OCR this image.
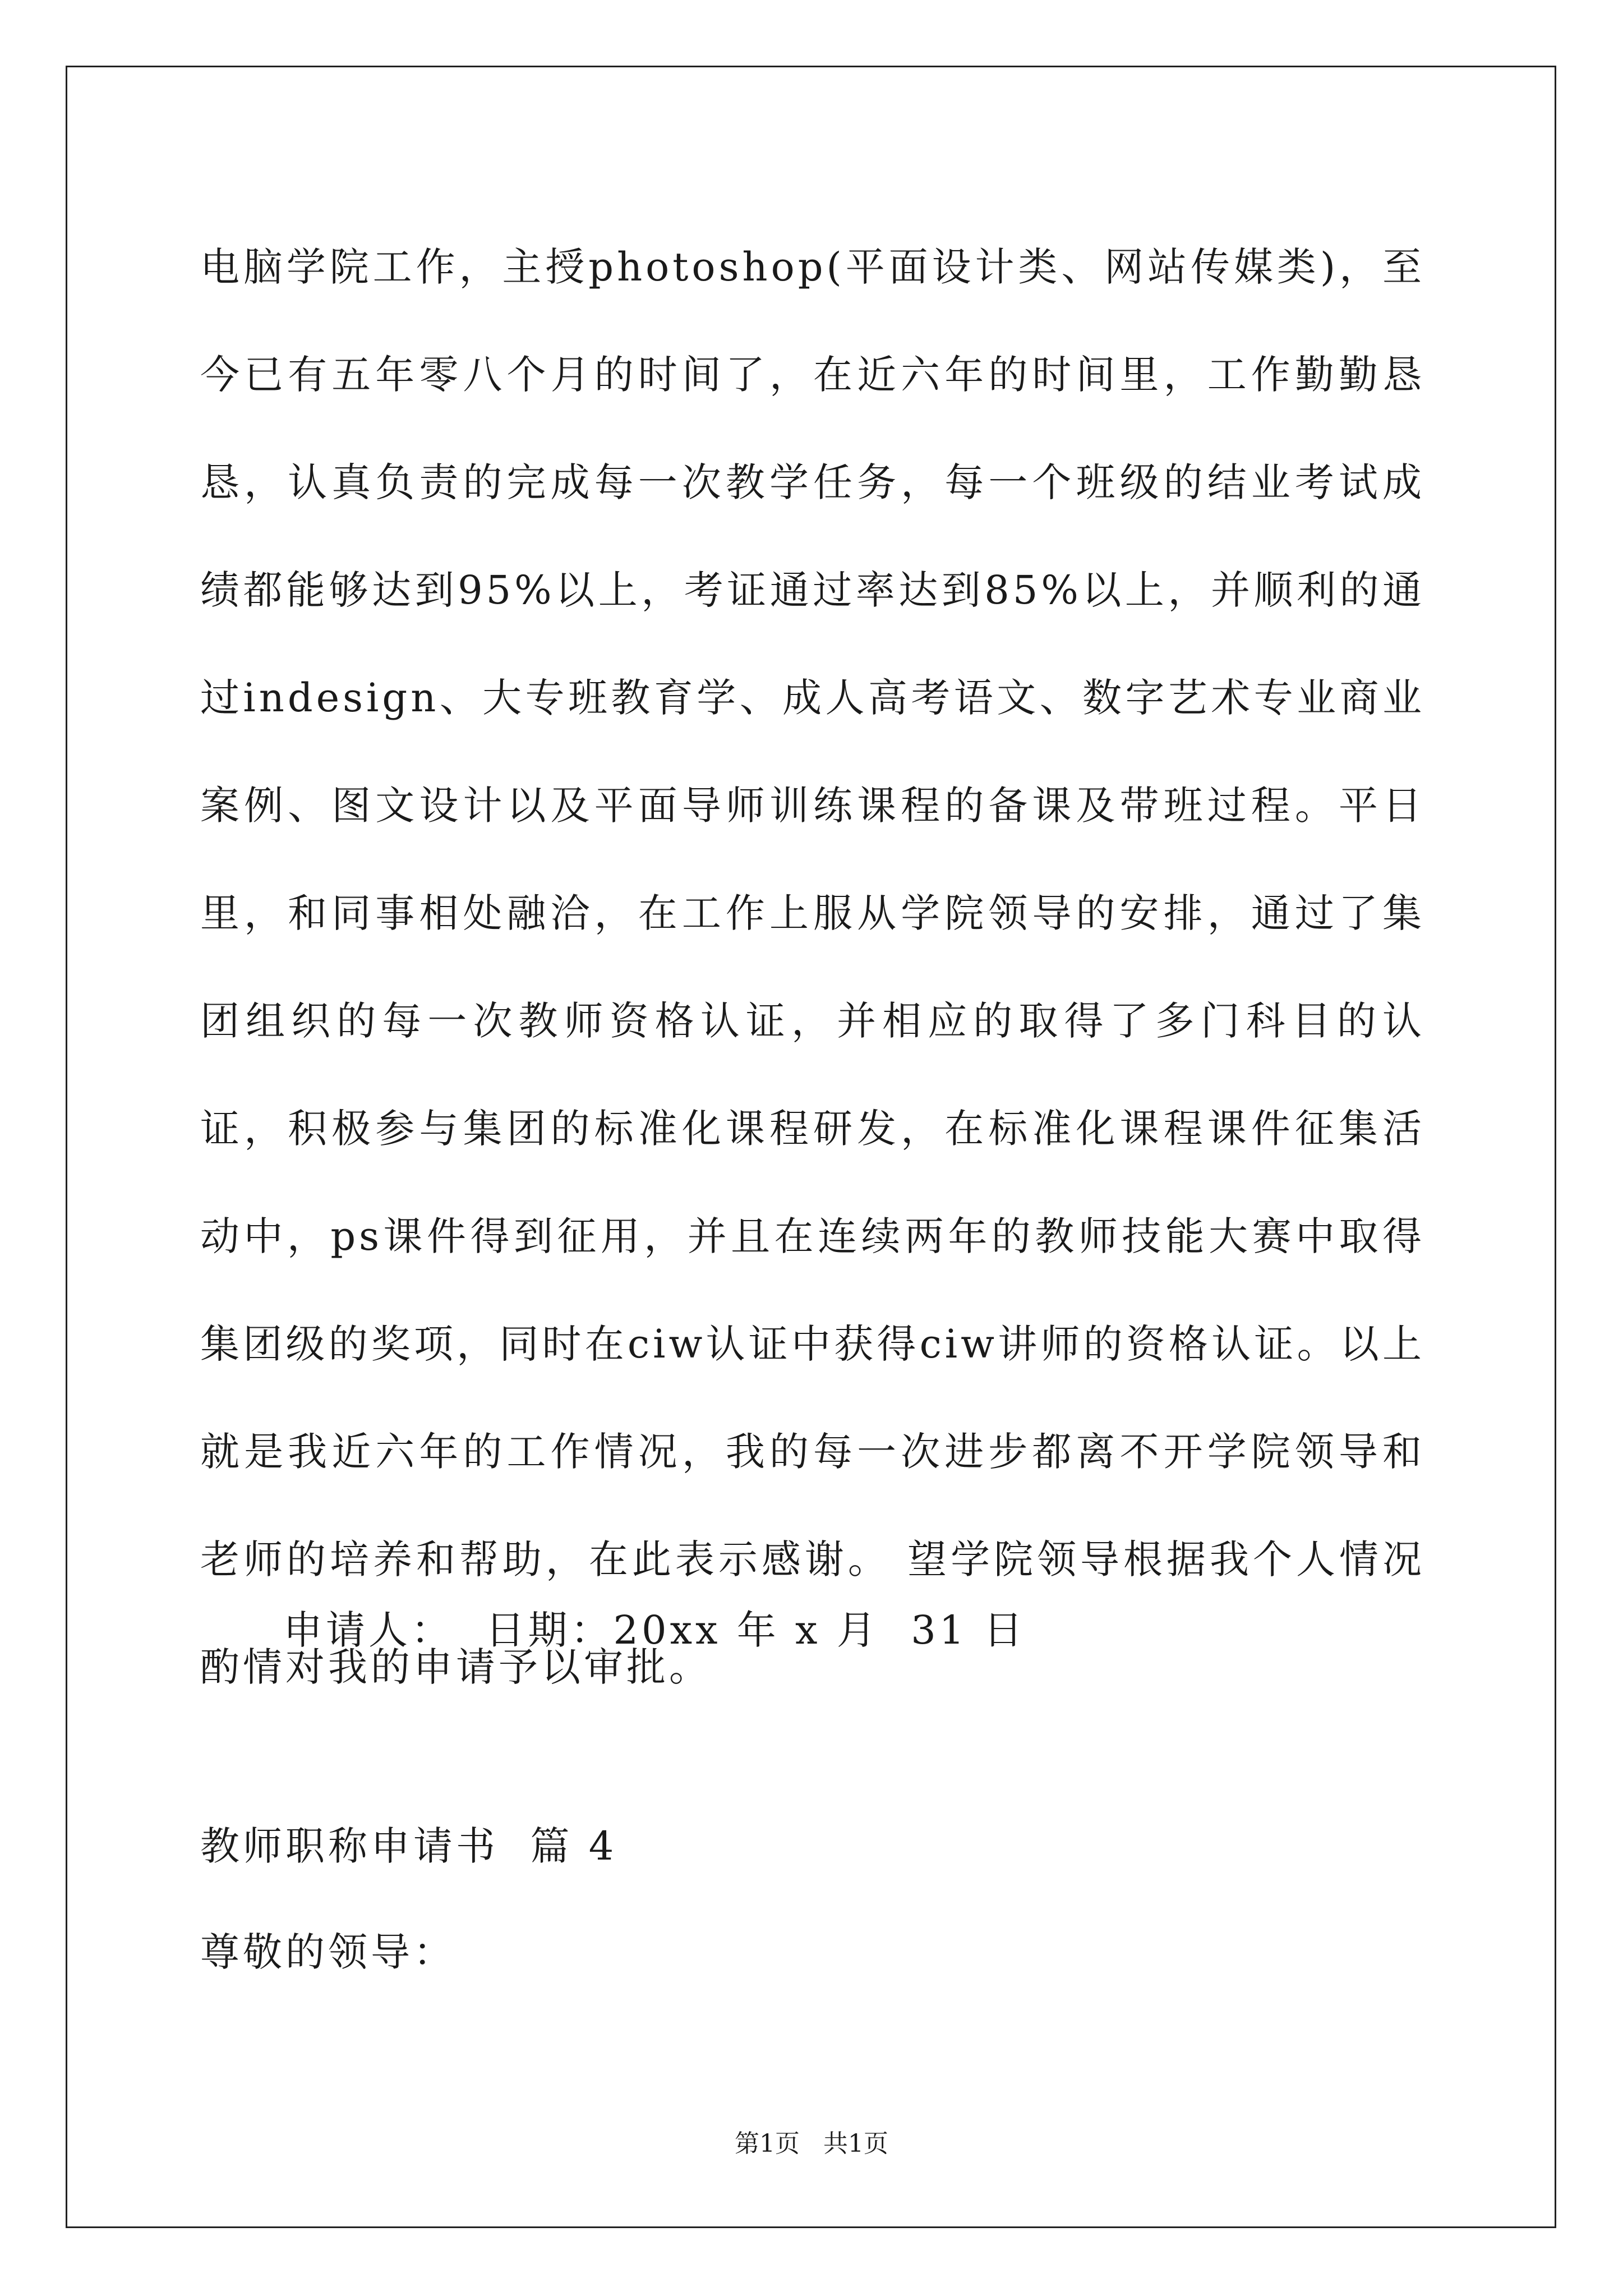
电脑学院工作，主授photoshop(平面设计类、网站传媒类)，至今已有五年零八个月的时间了，在近六年的时间里，工作勤勤恳恳，认真负责的完成每一次教学任务，每一个班级的结业考试成绩都能够达到95%以上，考证通过率达到85%以上，并顺利的通过indesign、大专班教育学、成人高考语文、数字艺术专业商业案例、图文设计以及平面导师训练课程的备课及带班过程。平日里，和同事相处融洽，在工作上服从学院领导的安排，通过了集团组织的每一次教师资格认证，并相应的取得了多门科目的认证，积极参与集团的标准化课程研发，在标准化课程课件征集活动中，ps课件得到征用，并且在连续两年的教师技能大赛中取得集团级的奖项，同时在ciw认证中获得ciw讲师的资格认证。以上就是我近六年的工作情况，我的每一次进步都离不开学院领导和老师的培养和帮助，在此表示感谢。 望学院领导根据我个人情况酌情对我的申请予以审批。

申请人：  日期：20xx 年 x 月  31 日

教师职称申请书  篇 4

尊敬的领导：

第1页   共1页
